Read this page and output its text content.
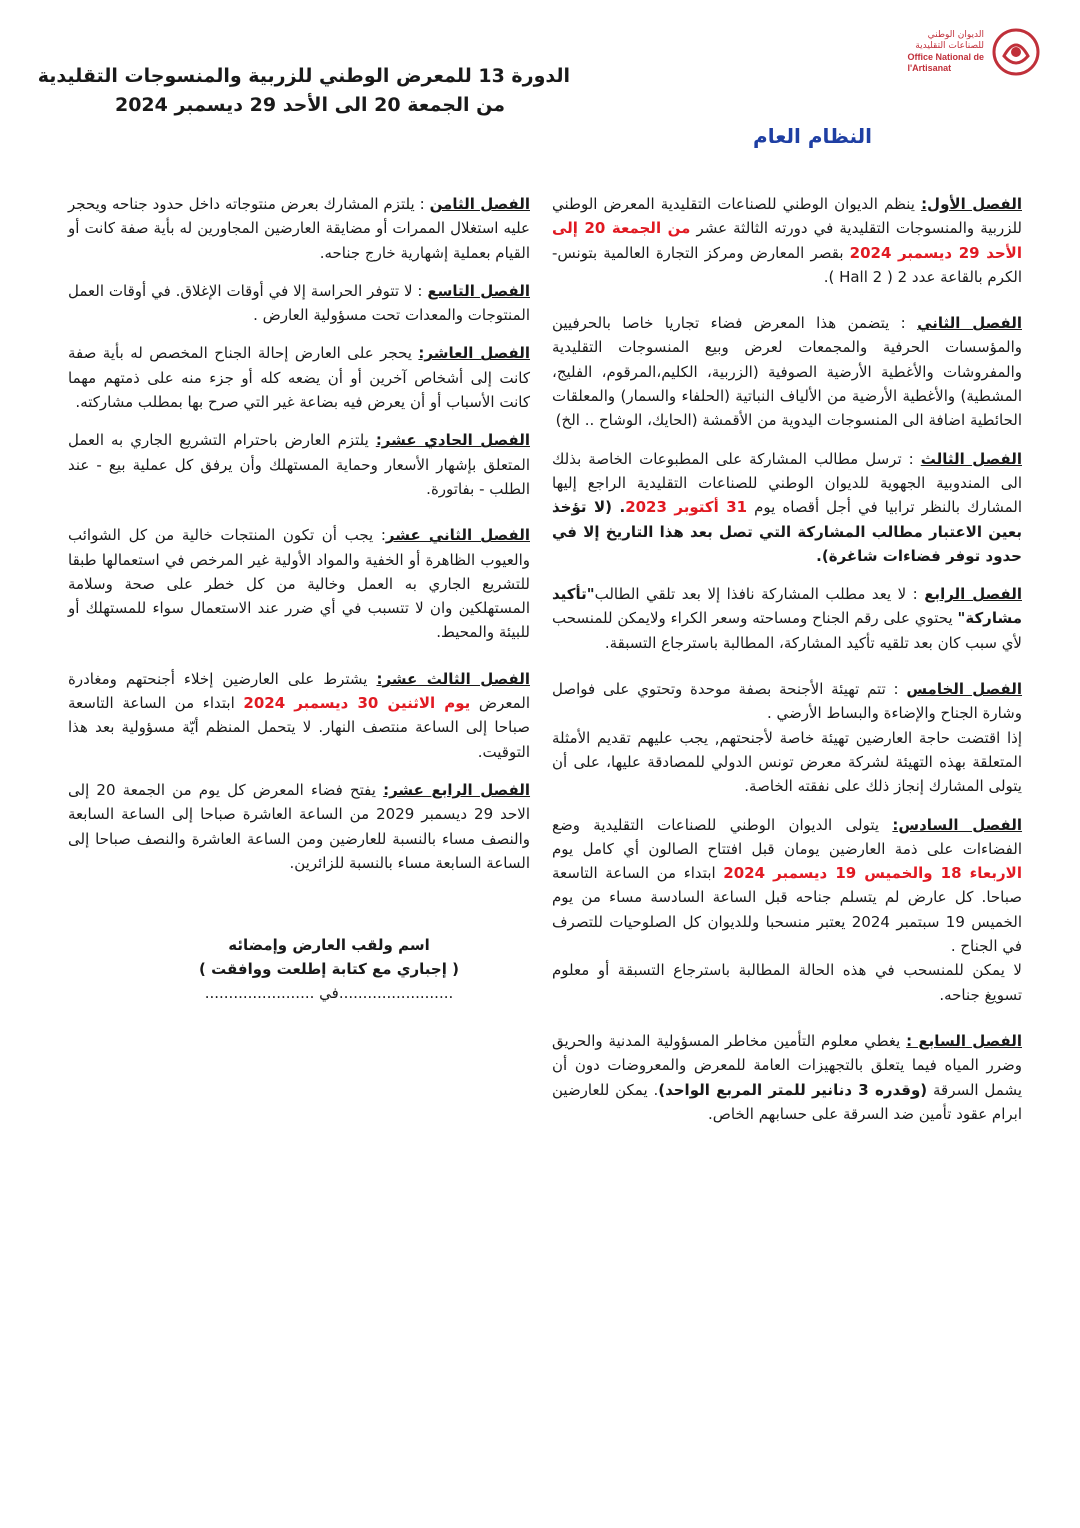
الديوان الوطني
للصناعات التقليدية
Office National de
l'Artisanat
الدورة 13 للمعرض الوطني للزربية والمنسوجات التقليدية
من الجمعة 20 الى الأحد 29 ديسمبر 2024
النظام العام

الفصل الأول: ينظم الديوان الوطني للصناعات التقليدية المعرض الوطني للزربية والمنسوجات التقليدية في دورته الثالثة عشر من الجمعة 20 إلى الأحد 29 ديسمبر 2024 بقصر المعارض ومركز التجارة العالمية بتونس- الكرم بالقاعة عدد 2 ( Hall 2 ).

الفصل الثاني : يتضمن هذا المعرض فضاء تجاريا خاصا بالحرفيين والمؤسسات الحرفية والمجمعات لعرض وبيع المنسوجات التقليدية والمفروشات والأغطية الأرضية الصوفية (الزربية، الكليم،المرقوم، الفليج، المشطية) والأغطية الأرضية من الألياف النباتية (الحلفاء والسمار) والمعلقات الحائطية اضافة الى المنسوجات اليدوية من الأقمشة (الحايك، الوشاح .. الخ)

الفصل الثالث : ترسل مطالب المشاركة على المطبوعات الخاصة بذلك الى المندوبية الجهوية للديوان الوطني للصناعات التقليدية الراجع إليها المشارك بالنظر ترابيا في أجل أقصاه يوم 31 أكتوبر 2023. (لا تؤخذ بعين الاعتبار مطالب المشاركة التي تصل بعد هذا التاريخ إلا في حدود توفر فضاءات شاغرة).

الفصل الرابع : لا يعد مطلب المشاركة نافذا إلا بعد تلقي الطالب"تأكيد مشاركة" يحتوي على رقم الجناح ومساحته وسعر الكراء ولايمكن للمنسحب لأي سبب كان بعد تلقيه تأكيد المشاركة، المطالبة باسترجاع التسبقة.

الفصل الخامس : تتم تهيئة الأجنحة بصفة موحدة وتحتوي على فواصل وشارة الجناح والإضاءة والبساط الأرضي .
إذا اقتضت حاجة العارضين تهيئة خاصة لأجنحتهم, يجب عليهم تقديم الأمثلة المتعلقة بهذه التهيئة لشركة معرض تونس الدولي للمصادقة عليها، على أن يتولى المشارك إنجاز ذلك على نفقته الخاصة.

الفصل السادس: يتولى الديوان الوطني للصناعات التقليدية وضع الفضاءات على ذمة العارضين يومان قبل افتتاح الصالون أي كامل يوم الاربعاء 18 والخميس 19 ديسمبر 2024 ابتداء من الساعة التاسعة صباحا. كل عارض لم يتسلم جناحه قبل الساعة السادسة مساء من يوم الخميس 19 سبتمبر 2024 يعتبر منسحبا وللديوان كل الصلوحيات للتصرف في الجناح .
لا يمكن للمنسحب في هذه الحالة المطالبة باسترجاع التسبقة أو معلوم تسويغ جناحه.

الفصل السابع : يغطي معلوم التأمين مخاطر المسؤولية المدنية والحريق وضرر المياه فيما يتعلق بالتجهيزات العامة للمعرض والمعروضات دون أن يشمل السرقة (وقدره 3 دنانير للمتر المربع الواحد). يمكن للعارضين ابرام عقود تأمين ضد السرقة على حسابهم الخاص.

الفصل الثامن : يلتزم المشارك بعرض منتوجاته داخل حدود جناحه ويحجر عليه استغلال الممرات أو مضايقة العارضين المجاورين له بأية صفة كانت أو القيام بعملية إشهارية خارج جناحه.

الفصل التاسع : لا تتوفر الحراسة إلا في أوقات الإغلاق. في أوقات العمل المنتوجات والمعدات تحت مسؤولية العارض .

الفصل العاشر: يحجر على العارض إحالة الجناح المخصص له بأية صفة كانت إلى أشخاص آخرين أو أن يضعه كله أو جزء منه على ذمتهم مهما كانت الأسباب أو أن يعرض فيه بضاعة غير التي صرح بها بمطلب مشاركته.

الفصل الحادي عشر: يلتزم العارض باحترام التشريع الجاري به العمل المتعلق بإشهار الأسعار وحماية المستهلك وأن يرفق كل عملية بيع - عند الطلب - بفاتورة.

الفصل الثاني عشر: يجب أن تكون المنتجات خالية من كل الشوائب والعيوب الظاهرة أو الخفية والمواد الأولية غير المرخص في استعمالها طبقا للتشريع الجاري به العمل وخالية من كل خطر على صحة وسلامة المستهلكين وان لا تتسبب في أي ضرر عند الاستعمال سواء للمستهلك أو للبيئة والمحيط.

الفصل الثالث عشر: يشترط على العارضين إخلاء أجنحتهم ومغادرة المعرض يوم الاثنين 30 ديسمبر 2024 ابتداء من الساعة التاسعة صباحا إلى الساعة منتصف النهار. لا يتحمل المنظم أيّة مسؤولية بعد هذا التوقيت.

الفصل الرابع عشر: يفتح فضاء المعرض كل يوم من الجمعة 20 إلى الاحد 29 ديسمبر 2029 من الساعة العاشرة صباحا إلى الساعة السابعة والنصف مساء بالنسبة للعارضين ومن الساعة العاشرة والنصف صباحا إلى الساعة السابعة مساء بالنسبة للزائرين.

اسم ولقب العارض وإمضائه
( إجباري مع كتابة إطلعت ووافقت )
........................في .......................
